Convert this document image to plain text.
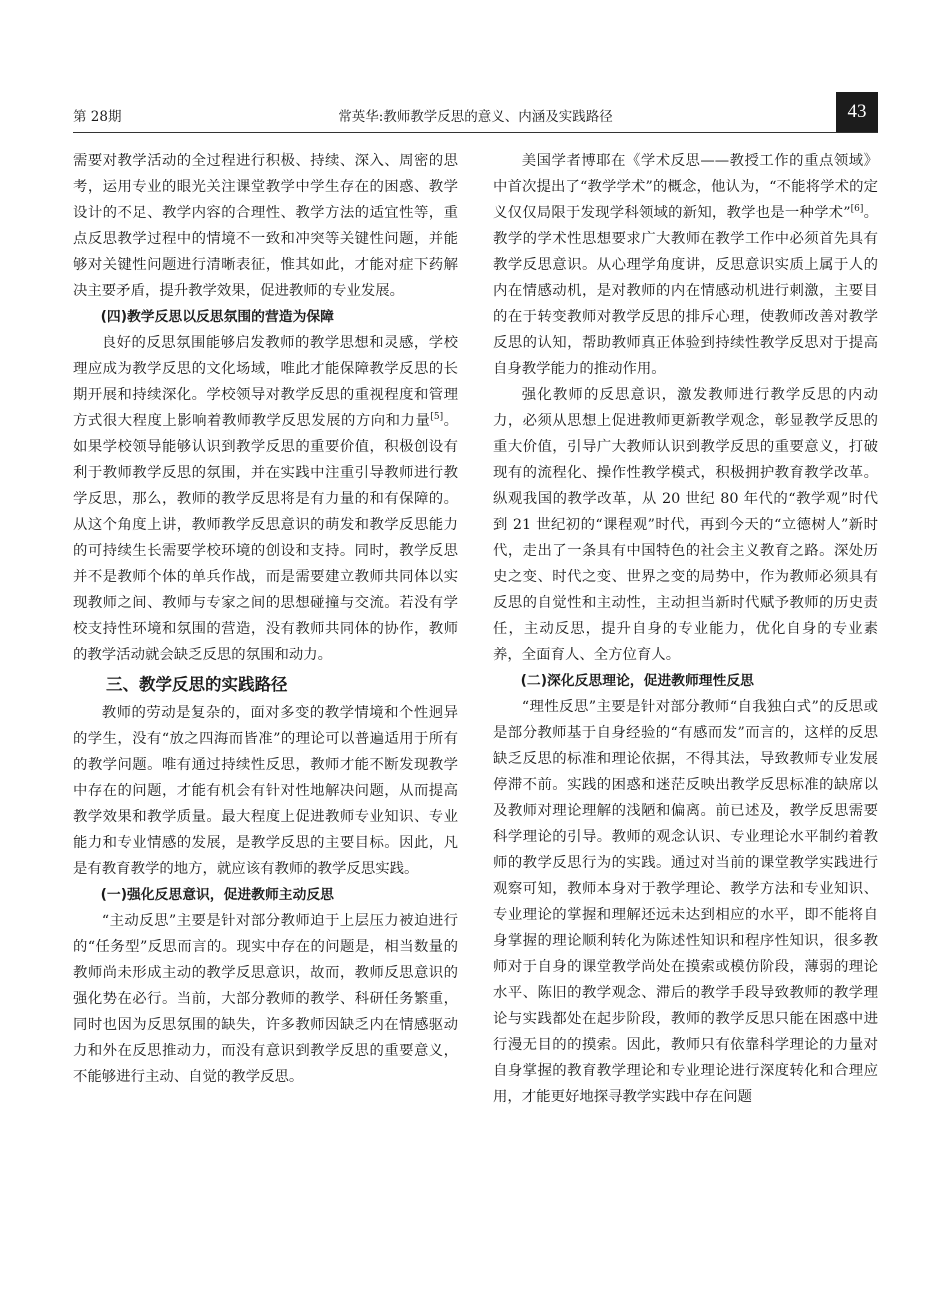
第 28期	常英华:教师教学反思的意义、内涵及实践路径	43

需要对教学活动的全过程进行积极、持续、深入、周密的思考，运用专业的眼光关注课堂教学中学生存在的困惑、教学设计的不足、教学内容的合理性、教学方法的适宜性等，重点反思教学过程中的情境不一致和冲突等关键性问题，并能够对关键性问题进行清晰表征，惟其如此，才能对症下药解决主要矛盾，提升教学效果，促进教师的专业发展。

(四)教学反思以反思氛围的营造为保障

良好的反思氛围能够启发教师的教学思想和灵感，学校理应成为教学反思的文化场域，唯此才能保障教学反思的长期开展和持续深化。学校领导对教学反思的重视程度和管理方式很大程度上影响着教师教学反思发展的方向和力量[5]。如果学校领导能够认识到教学反思的重要价值，积极创设有利于教师教学反思的氛围，并在实践中注重引导教师进行教学反思，那么，教师的教学反思将是有力量的和有保障的。从这个角度上讲，教师教学反思意识的萌发和教学反思能力的可持续生长需要学校环境的创设和支持。同时，教学反思并不是教师个体的单兵作战，而是需要建立教师共同体以实现教师之间、教师与专家之间的思想碰撞与交流。若没有学校支持性环境和氛围的营造，没有教师共同体的协作，教师的教学活动就会缺乏反思的氛围和动力。

三、教学反思的实践路径

教师的劳动是复杂的，面对多变的教学情境和个性迥异的学生，没有“放之四海而皆准”的理论可以普遍适用于所有的教学问题。唯有通过持续性反思，教师才能不断发现教学中存在的问题，才能有机会有针对性地解决问题，从而提高教学效果和教学质量。最大程度上促进教师专业知识、专业能力和专业情感的发展，是教学反思的主要目标。因此，凡是有教育教学的地方，就应该有教师的教学反思实践。

(一)强化反思意识，促进教师主动反思

“主动反思”主要是针对部分教师迫于上层压力被迫进行的“任务型”反思而言的。现实中存在的问题是，相当数量的教师尚未形成主动的教学反思意识，故而，教师反思意识的强化势在必行。当前，大部分教师的教学、科研任务繁重，同时也因为反思氛围的缺失，许多教师因缺乏内在情感驱动力和外在反思推动力，而没有意识到教学反思的重要意义，不能够进行主动、自觉的教学反思。

美国学者博耶在《学术反思——教授工作的重点领域》中首次提出了“教学学术”的概念，他认为，“不能将学术的定义仅仅局限于发现学科领域的新知，教学也是一种学术”[6]。教学的学术性思想要求广大教师在教学工作中必须首先具有教学反思意识。从心理学角度讲，反思意识实质上属于人的内在情感动机，是对教师的内在情感动机进行刺激，主要目的在于转变教师对教学反思的排斥心理，使教师改善对教学反思的认知，帮助教师真正体验到持续性教学反思对于提高自身教学能力的推动作用。

强化教师的反思意识，激发教师进行教学反思的内动力，必须从思想上促进教师更新教学观念，彰显教学反思的重大价值，引导广大教师认识到教学反思的重要意义，打破现有的流程化、操作性教学模式，积极拥护教育教学改革。纵观我国的教学改革，从 20 世纪 80 年代的“教学观”时代到 21 世纪初的“课程观”时代，再到今天的“立德树人”新时代，走出了一条具有中国特色的社会主义教育之路。深处历史之变、时代之变、世界之变的局势中，作为教师必须具有反思的自觉性和主动性，主动担当新时代赋予教师的历史责任，主动反思，提升自身的专业能力，优化自身的专业素养，全面育人、全方位育人。

(二)深化反思理论，促进教师理性反思

“理性反思”主要是针对部分教师“自我独白式”的反思或是部分教师基于自身经验的“有感而发”而言的，这样的反思缺乏反思的标准和理论依据，不得其法，导致教师专业发展停滞不前。实践的困惑和迷茫反映出教学反思标准的缺席以及教师对理论理解的浅陋和偏离。前已述及，教学反思需要科学理论的引导。教师的观念认识、专业理论水平制约着教师的教学反思行为的实践。通过对当前的课堂教学实践进行观察可知，教师本身对于教学理论、教学方法和专业知识、专业理论的掌握和理解还远未达到相应的水平，即不能将自身掌握的理论顺利转化为陈述性知识和程序性知识，很多教师对于自身的课堂教学尚处在摸索或模仿阶段，薄弱的理论水平、陈旧的教学观念、滞后的教学手段导致教师的教学理论与实践都处在起步阶段，教师的教学反思只能在困惑中进行漫无目的的摸索。因此，教师只有依靠科学理论的力量对自身掌握的教育教学理论和专业理论进行深度转化和合理应用，才能更好地探寻教学实践中存在问题
